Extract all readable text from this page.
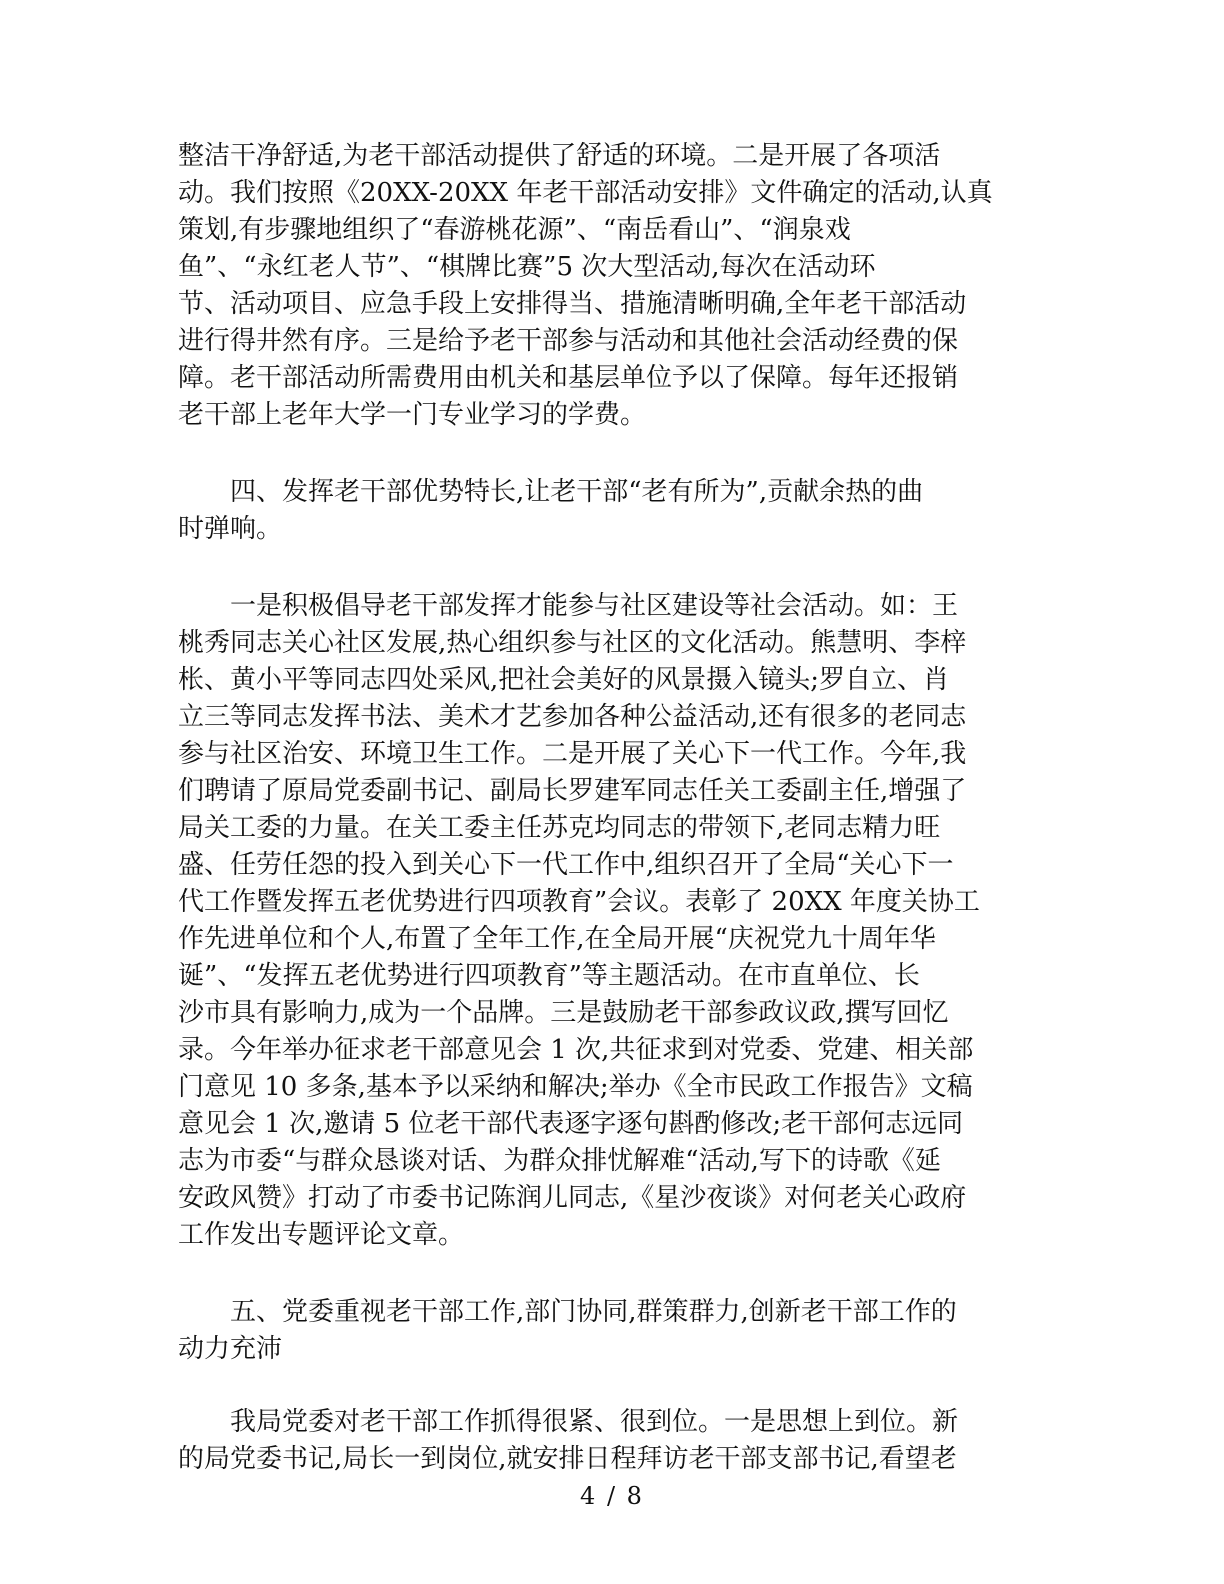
整洁干净舒适,为老干部活动提供了舒适的环境。二是开展了各项活
动。我们按照《20XX-20XX 年老干部活动安排》文件确定的活动,认真
策划,有步骤地组织了“春游桃花源”、“南岳看山”、“润泉戏
鱼”、“永红老人节”、“棋牌比赛”5 次大型活动,每次在活动环
节、活动项目、应急手段上安排得当、措施清晰明确,全年老干部活动
进行得井然有序。三是给予老干部参与活动和其他社会活动经费的保
障。老干部活动所需费用由机关和基层单位予以了保障。每年还报销
老干部上老年大学一门专业学习的学费。

　　四、发挥老干部优势特长,让老干部“老有所为”,贡献余热的曲
时弹响。

　　一是积极倡导老干部发挥才能参与社区建设等社会活动。如：王
桃秀同志关心社区发展,热心组织参与社区的文化活动。熊慧明、李梓
枨、黄小平等同志四处采风,把社会美好的风景摄入镜头;罗自立、肖
立三等同志发挥书法、美术才艺参加各种公益活动,还有很多的老同志
参与社区治安、环境卫生工作。二是开展了关心下一代工作。今年,我
们聘请了原局党委副书记、副局长罗建军同志任关工委副主任,增强了
局关工委的力量。在关工委主任苏克均同志的带领下,老同志精力旺
盛、任劳任怨的投入到关心下一代工作中,组织召开了全局“关心下一
代工作暨发挥五老优势进行四项教育”会议。表彰了 20XX 年度关协工
作先进单位和个人,布置了全年工作,在全局开展“庆祝党九十周年华
诞”、“发挥五老优势进行四项教育”等主题活动。在市直单位、长
沙市具有影响力,成为一个品牌。三是鼓励老干部参政议政,撰写回忆
录。今年举办征求老干部意见会 1 次,共征求到对党委、党建、相关部
门意见 10 多条,基本予以采纳和解决;举办《全市民政工作报告》文稿
意见会 1 次,邀请 5 位老干部代表逐字逐句斟酌修改;老干部何志远同
志为市委“与群众恳谈对话、为群众排忧解难“活动,写下的诗歌《延
安政风赞》打动了市委书记陈润儿同志,《星沙夜谈》对何老关心政府
工作发出专题评论文章。

　　五、党委重视老干部工作,部门协同,群策群力,创新老干部工作的
动力充沛

　　我局党委对老干部工作抓得很紧、很到位。一是思想上到位。新
的局党委书记,局长一到岗位,就安排日程拜访老干部支部书记,看望老

4 / 8
